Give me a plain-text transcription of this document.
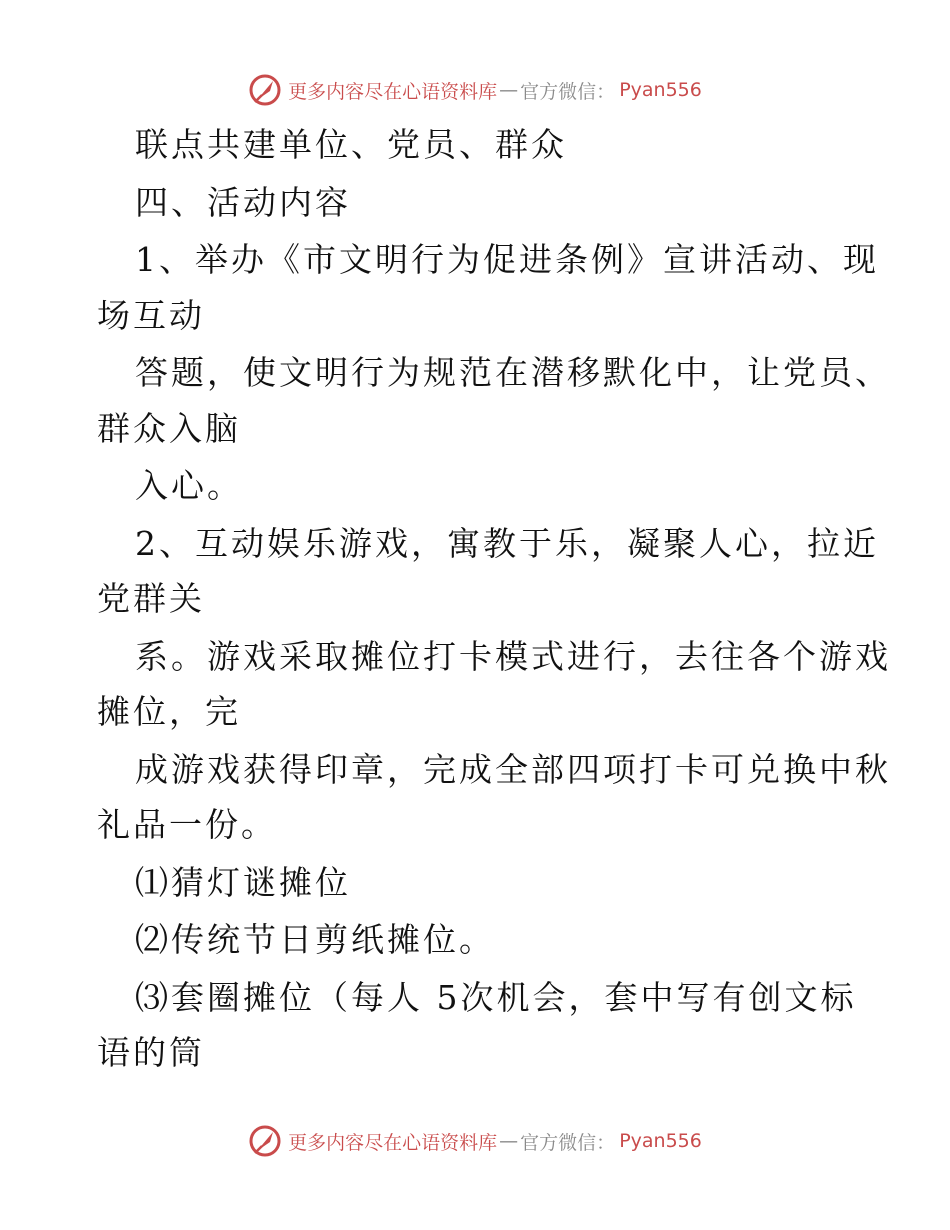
更多内容尽在心语资料库 — 官方微信： Pyan556
联点共建单位、党员、群众
四、活动内容
1、举办《市文明行为促进条例》宣讲活动、现
场互动
答题，使文明行为规范在潜移默化中，让党员、
群众入脑
入心。
2、互动娱乐游戏，寓教于乐，凝聚人心，拉近
党群关
系。游戏采取摊位打卡模式进行，去往各个游戏
摊位，完
成游戏获得印章，完成全部四项打卡可兑换中秋
礼品一份。
⑴猜灯谜摊位
⑵传统节日剪纸摊位。
⑶套圈摊位（每人 5次机会，套中写有创文标
语的筒
更多内容尽在心语资料库 — 官方微信： Pyan556
